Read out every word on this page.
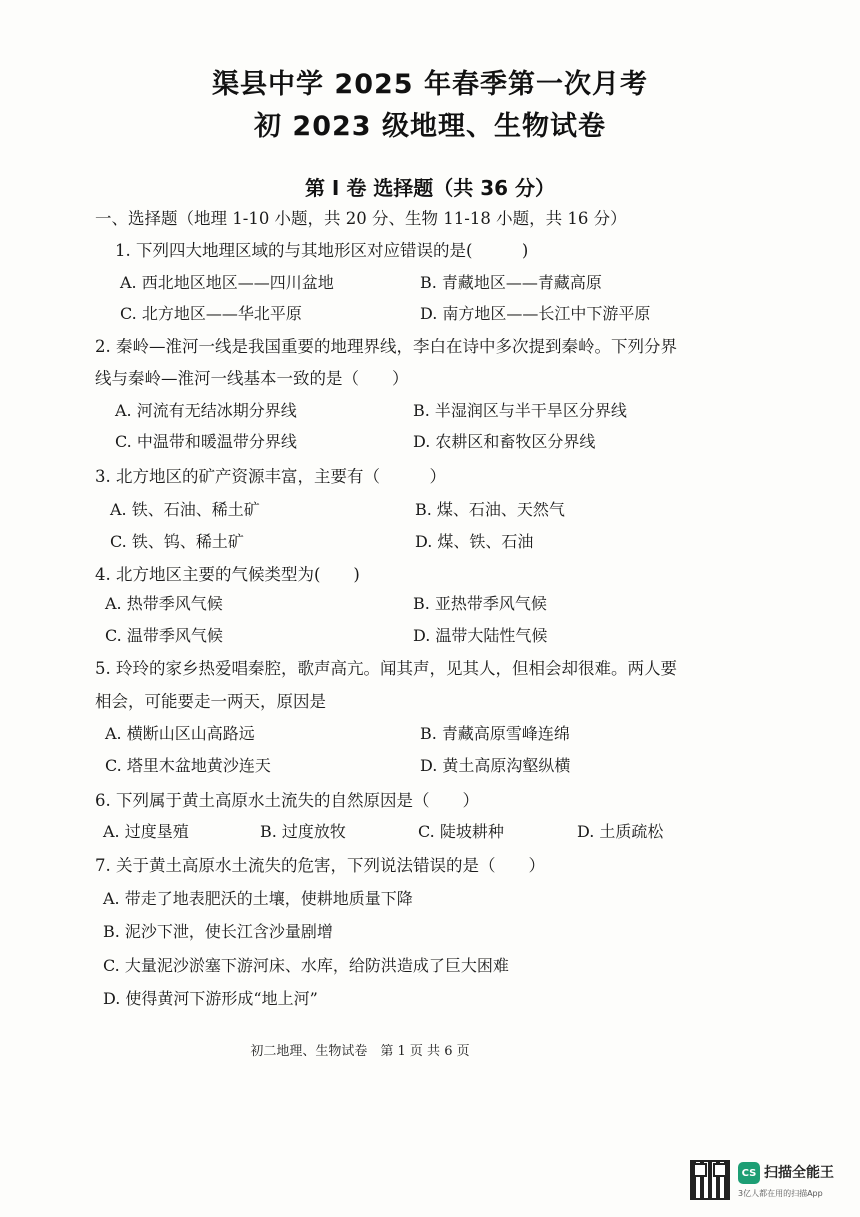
渠县中学 2025 年春季第一次月考
初 2023 级地理、生物试卷
第 I 卷 选择题（共 36 分）
一、选择题（地理 1-10 小题，共 20 分、生物 11-18 小题，共 16 分）
1. 下列四大地理区域的与其地形区对应错误的是(　　　)
A. 西北地区地区——四川盆地	B. 青藏地区——青藏高原
C. 北方地区——华北平原	D. 南方地区——长江中下游平原
2. 秦岭—淮河一线是我国重要的地理界线，李白在诗中多次提到秦岭。下列分界
线与秦岭—淮河一线基本一致的是（　　）
A. 河流有无结冰期分界线	B. 半湿润区与半干旱区分界线
C. 中温带和暖温带分界线	D. 农耕区和畜牧区分界线
3. 北方地区的矿产资源丰富，主要有（　　　）
A. 铁、石油、稀土矿	B. 煤、石油、天然气
C. 铁、钨、稀土矿	D. 煤、铁、石油
4. 北方地区主要的气候类型为(　　)
A. 热带季风气候	B. 亚热带季风气候
C. 温带季风气候	D. 温带大陆性气候
5. 玲玲的家乡热爱唱秦腔，歌声高亢。闻其声，见其人，但相会却很难。两人要
相会，可能要走一两天，原因是
A. 横断山区山高路远	B. 青藏高原雪峰连绵
C. 塔里木盆地黄沙连天	D. 黄土高原沟壑纵横
6. 下列属于黄土高原水土流失的自然原因是（　　）
A. 过度垦殖	B. 过度放牧	C. 陡坡耕种	D. 土质疏松
7. 关于黄土高原水土流失的危害，下列说法错误的是（　　）
A. 带走了地表肥沃的土壤，使耕地质量下降
B. 泥沙下泄，使长江含沙量剧增
C. 大量泥沙淤塞下游河床、水库，给防洪造成了巨大困难
D. 使得黄河下游形成“地上河”
初二地理、生物试卷　第 1 页 共 6 页
CS 扫描全能王
3亿人都在用的扫描App
